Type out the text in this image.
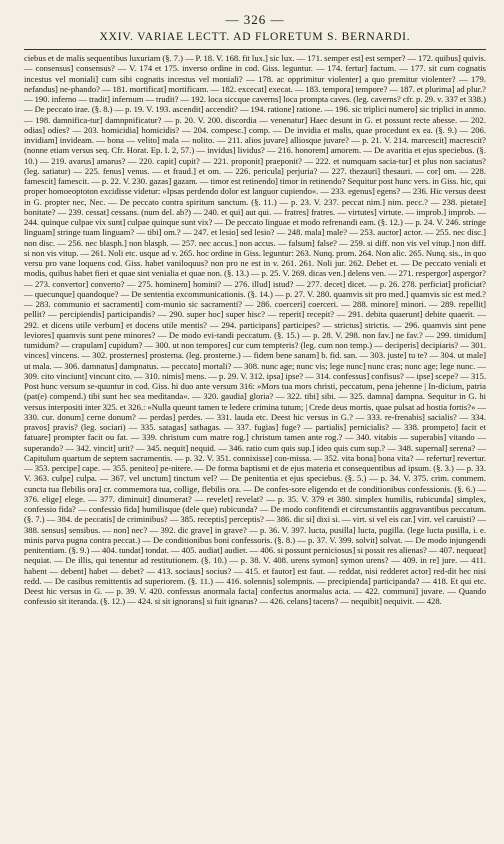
— 326 —
XXIV. VARIAE LECTT. AD FLORETUM S. BERNARDI.

ciebus et de malis sequentibus luxuriam (§. 7.) — P. 18. V. 168. fit lux.] sic lux. — 171. semper est] est semper? — 172. quibus] quivis. — consensus] consensus? — V. 174 et 175. inverso ordine in cod. Giss. leguntur. — 174. fertur] factum. — 177. sit cum cognatis incestus vel moniali] cum sibi cognatis incestus vel moniali? — 178. ac opprimitur violenter] a quo premitur violenter? — 179. nefandus] ne-phando? — 181. mortificat] mortificam. — 182. excecat] execat. — 183. tempora] tempore? — 187. et plurima] ad plur.? — 190. inferno — tradit] infernum — trudit? — 192. loca siccque caverns] loca prompta caves. (leg. caverns? cfr. p. 29. v. 337 et 338.) — De peccato irae. (§. 8.) — p. 19. V. 193. ascendit] accendit? — 194. ratione] ratione. — 196. sic triplici numero] sic triplici in anmo. — 198. damnifica-tur] damnpnificatur? — p. 20. V. 200. discordia — venenatur] Haec desunt in G. et possunt recte abesse. — 202. odias] odies? — 203. homicidia] homicidis? — 204. compesc.] comp. — De invidia et malis, quae procedunt ex ea. (§. 9.) — 206. invidiam] invideam. — bona — velito] mala — nolito. — 211. alios juvare] alliosque juvare? — p. 21. V. 214. marcescit] macrescit? (nonne etiam versus seq. Cfr. Horat. Ep. I. 2, 57.) — invidus] lividus? — 216. honorem] amorem. — De avaritia et ejus speciebus. (§. 10.) — 219. avarus] amarus? — 220. capit] cupit? — 221. proponit] praeponit? — 222. et numquam sacia-tur] et plus non saciatus? (leg. satiatur) — 225. fenus] venus. — et fraud.] et om. — 226. pericula] perjuria? — 227. thezauri] thesauri. — cor] om. — 228. famescit] famescit. — p. 22. V. 230. gazas] gazam. — timor est retinendo] timor in retinendo? Sequitur post hunc vers. in Giss. hic, qui proper homoeoptoton excidisse videtur: »Ipsas perdendo dolor est languor cupiendo«. — 233. egenus] egens? — 236. Hic versus deest in G. propter nec, Nec. — De peccato contra spiritum sanctum. (§. 11.) — p. 23. V. 237. peccat nim.] nim. pecc.? — 238. pietate] bonitate? — 239. cessat] cessans. (num del. ab?) — 240. et qui] aut qui. — fratres] fratres. — virtutes] virtute. — improb.] improb. — 244. quinque culpae vix sunt] culpae quinque sunt vix? — De peccato linguae et modo refrenandi eam. (§. 12.) — p. 24. V. 246. stringe linguam] stringe tuam linguam? — tibi] om.? — 247. et lesio] sed lesio? — 248. mala] male? — 253. auctor] actor. — 255. nec disc.] non disc. — 256. nec blasph.] non blasph. — 257. nec accus.] non accus. — falsum] false? — 259. si diff. non vis vel vitup.] non diff. si non vis vitup. — 261. Noli etc. usque ad v. 265. hoc ordine in Giss. leguntur: 263. Nunq. prom. 264. Non alic. 265. Nunq. sis., in quo versu pro vane loquens cod. Giss. habet vaniloquus? non pro ne est in v. 261. 261. Noli jur. 262. Debet et. — De peccato veniali et modis, quibus habet fieri et quae sint venialia et quae non. (§. 13.) — p. 25. V. 269. dicas ven.] delens ven. — 271. respergor] aspergor? — 273. convertor] converto? — 275. hominem] homini? — 276. illud] istud? — 277. decet] dicet. — p. 26. 278. perficiat] proficiat? — quecunque] quandoque? — De sententia excommunicationis. (§. 14.) — p. 27. V. 280. quamvis sit pro med.] quamvis sic est med.? — 283. communio et sacramenti] com-munio sic sacramenti? — 286. coerceri] coerceri. — 288. minore] minori. — 289. repellit] pellit? — percipiendis] participandis? — 290. super hoc] super hisc? — reperit] recepit? — 291. debita quaerunt] debite quaerit. — 292. et dicens utile verbum] et docens utile mentis? — 294. participans] participes? — strictus] strictis. — 296. quamvis sint pene leviores] quamvis sunt pene minores? — De modo evi-tandi peccatum. (§. 15.) — p. 28. V. 298. non fav.] ne fav.? — 299. timidum] tumidum? — crapulam] cupidum? — 300. ut non tempores] cur cum tempteris? (leg. cum non temp.) — deciperis] decipiaris? — 301. vinces] vincens. — 302. prosternes] prosterna. (leg. prosterne.) — fidem bene sanam] b. fid. san. — 303. juste] tu te? — 304. ut male] ut mala. — 306. damnatus] dampnatus. — peccato] mortali? — 308. nunc age; nunc vis; lege nunc] nunc cras; nunc age; lege nunc. — 309. cito vinciunt] vincunt cito. — 310. nimis] mens. — p. 29. V. 312. ipsa] ipse? — 314. confessus] confisus? — ipse] scepe? — 315. Post hunc versum se-quuntur in cod. Giss. hi duo ante versum 316: »Mors tua mors christi, peccatum, pena jehenne | In-dicium, patria (pat(e) compend.) tibi sunt hec sea meditanda«. — 320. gaudia] gloria? — 322. tibi] sibi. — 325. damna] dampna. Sequitur in G. hi versus interpositi inter 325. et 326.: »Nulla queunt tamen te ledere crimina tutum; | Crede deus mortis, quae pulsat ad hostia fortis?« — 330. cur. donum] cerne donum? — perdas] perdes. — 331. lauda etc. Deest hic versus in G.? — 333. re-frenabis] sacialis? — 334. pravos] pravis? (leg. sociari) — 335. satagas] sathagas. — 337. fugias] fuge? — partialis] pernicialis? — 338. prompeto] facit et fatuare] prompter facit ou fat. — 339. christum cum matre rog.] christum tamen ante rog.? — 340. vitabis — superabis] vitando — superando? — 342. vincit] urit? — 345. nequit] nequid. — 346. ratio cum quis sup.] ideo quis cum sup.? — 348. supernal] serena? — Capitulum quartum de septem sacramentis. — p. 32. V. 351. connixisse] con-missa. — 352. vita bona] bona vita? — refertur] revertur. — 353. percipe] cape. — 355. peniteo] pe-nitere. — De forma baptismi et de ejus materia et consequentibus ad ipsum. (§. 3.) — p. 33. V. 363. culpe] culpa. — 367. vel unctum] tinctum vel? — De penitentia et ejus speciebus. (§. 5.) — p. 34. V. 375. crim. commem. cuncta tua flebilis ora] cr. commemora tua, collige, flebilis ora. — De confes-sore eligendo et de conditionibus confessionis. (§. 6.) — 376. elige] elege. — 377. diminuit] dinumerat? — revelet] revelat? — p. 35. V. 379 et 380. simplex humilis, rubicunda] simplex, confessio fida? — confessio fida] humilisque (dele que) rubicunda? — De modo confitendi et circumstantiis aggravantibus peccatum. (§. 7.) — 384. de peccatis] de criminibus? — 385. receptis] perceptis? — 386. dic si] dixi si. — virt. si vel eis car.] virt. vel caruisti? — 388. sensus] sensibus. — non] nec? — 392. dic grave] in grave? — p. 36. V. 397. lucta, pusilla] lucta, pugilla. (lege lucta pusilla, i. e. minis parva pugna contra peccat.) — De conditionibus boni confessoris. (§. 8.) — p. 37. V. 399. solvit] solvat. — De modo injungendi penitentiam. (§. 9.) — 404. tundat] tondat. — 405. audiat] audiet. — 406. si possunt perniciosus] si possit res alienas? — 407. nequeat] nequiat. — De illis, qui tenentur ad restitutionem. (§. 10.) — p. 38. V. 408. urens symon] symon urens? — 409. in re] jure. — 411. habent — debent] habet — debet? — 413. sociaus] socius? — 415. et fautor] est faut. — reddat, nisi redderet actor] red-dit hec nisi redd. — De casibus remittentis ad superiorem. (§. 11.) — 416. solennis] solempnis. — precipienda] participanda? — 418. Et qui etc. Deest hic versus in G. — p. 39. V. 420. confessus anormala facta] confectus anormalus acta. — 422. communi] juvare. — Quando confessio sit iteranda. (§. 12.) — 424. si sit ignorans] si fuit ignarus? — 426. celans] tacens? — nequibit] nequivit. — 428.
